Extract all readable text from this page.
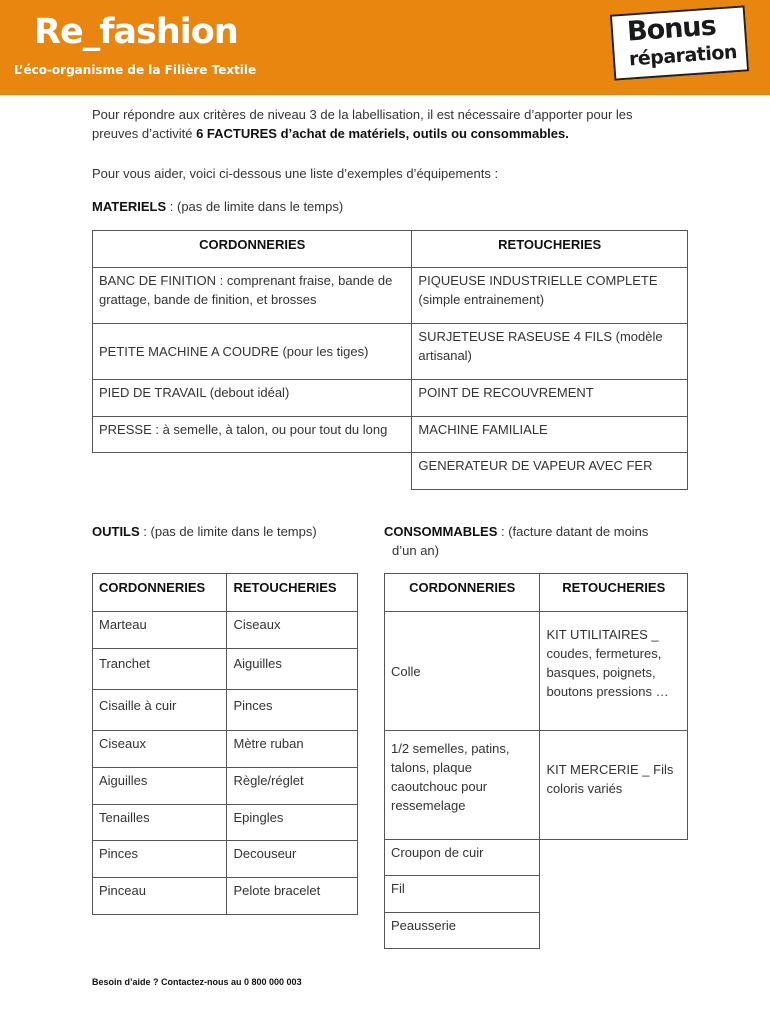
Re_fashion
L’éco-organisme de la Filière Textile
Bonus
réparation
Pour répondre aux critères de niveau 3 de la labellisation, il est nécessaire d’apporter pour les
preuves d’activité 6 FACTURES d’achat de matériels, outils ou consommables.
Pour vous aider, voici ci-dessous une liste d’exemples d’équipements :
MATERIELS : (pas de limite dans le temps)
CORDONNERIES	RETOUCHERIES
BANC DE FINITION : comprenant fraise, bande de grattage, bande de finition, et brosses	PIQUEUSE INDUSTRIELLE COMPLETE (simple entrainement)
PETITE MACHINE A COUDRE (pour les tiges)	SURJETEUSE RASEUSE 4 FILS (modèle artisanal)
PIED DE TRAVAIL (debout idéal)	POINT DE RECOUVREMENT
PRESSE : à semelle, à talon, ou pour tout du long	MACHINE FAMILIALE
	GENERATEUR DE VAPEUR AVEC FER
OUTILS : (pas de limite dans le temps)	CONSOMMABLES : (facture datant de moins
d’un an)
CORDONNERIES	RETOUCHERIES
Marteau	Ciseaux
Tranchet	Aiguilles
Cisaille à cuir	Pinces
Ciseaux	Mètre ruban
Aiguilles	Règle/réglet
Tenailles	Epingles
Pinces	Decouseur
Pinceau	Pelote bracelet
CORDONNERIES	RETOUCHERIES
Colle	KIT UTILITAIRES _ coudes, fermetures, basques, poignets, boutons pressions …
1/2 semelles, patins, talons, plaque caoutchouc pour ressemelage	KIT MERCERIE _ Fils coloris variés
Croupon de cuir	
Fil	
Peausserie	
Besoin d’aide ? Contactez-nous au 0 800 000 003
